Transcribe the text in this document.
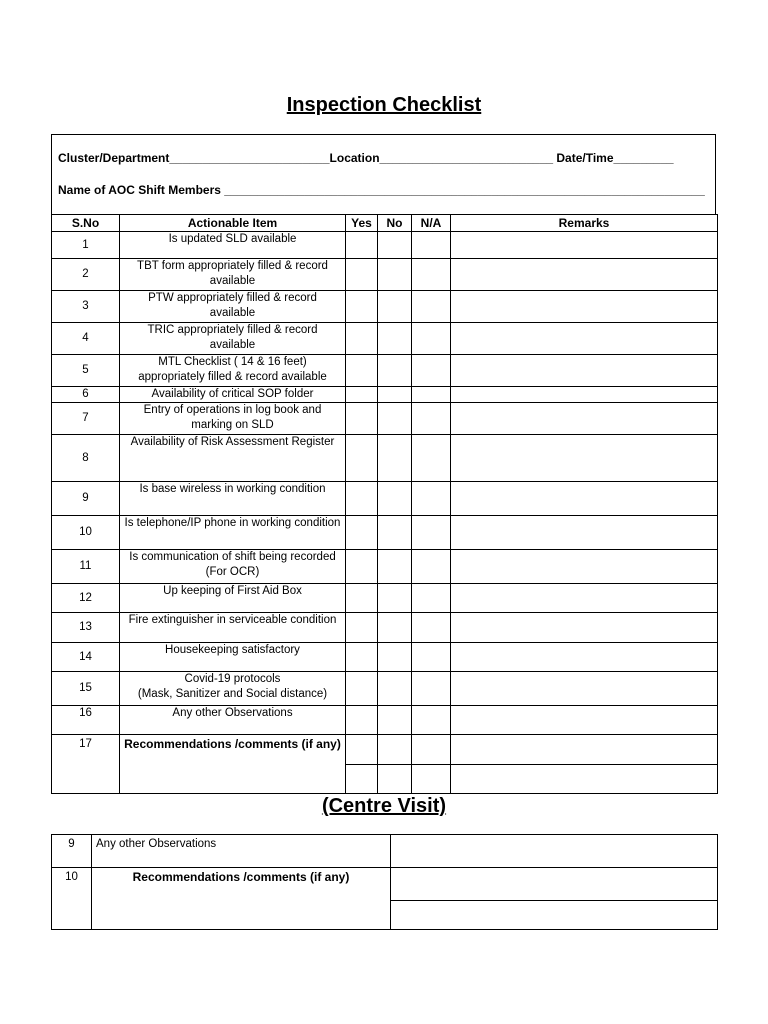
Inspection Checklist
Cluster/Department________________________Location__________________________ Date/Time_________
Name of AOC Shift Members ________________________________________________________________________
S.No	Actionable Item	Yes	No	N/A	Remarks
1	Is updated SLD available				
2	TBT form appropriately filled & record available				
3	PTW appropriately filled & record available				
4	TRIC appropriately filled & record available				
5	MTL Checklist ( 14 & 16 feet) appropriately filled & record available				
6	Availability of critical SOP folder				
7	Entry of operations in log book and marking on SLD				
8	Availability of Risk Assessment Register				
9	Is base wireless in working condition				
10	Is telephone/IP phone in working condition				
11	Is communication of shift being recorded (For OCR)				
12	Up keeping of First Aid Box				
13	Fire extinguisher in serviceable condition				
14	Housekeeping satisfactory				
15	Covid-19 protocols
(Mask, Sanitizer and Social distance)				

16	Any other Observations				
17	Recommendations /comments (if any)				

(Centre Visit)
9	Any other Observations	
10	Recommendations /comments (if any)	
